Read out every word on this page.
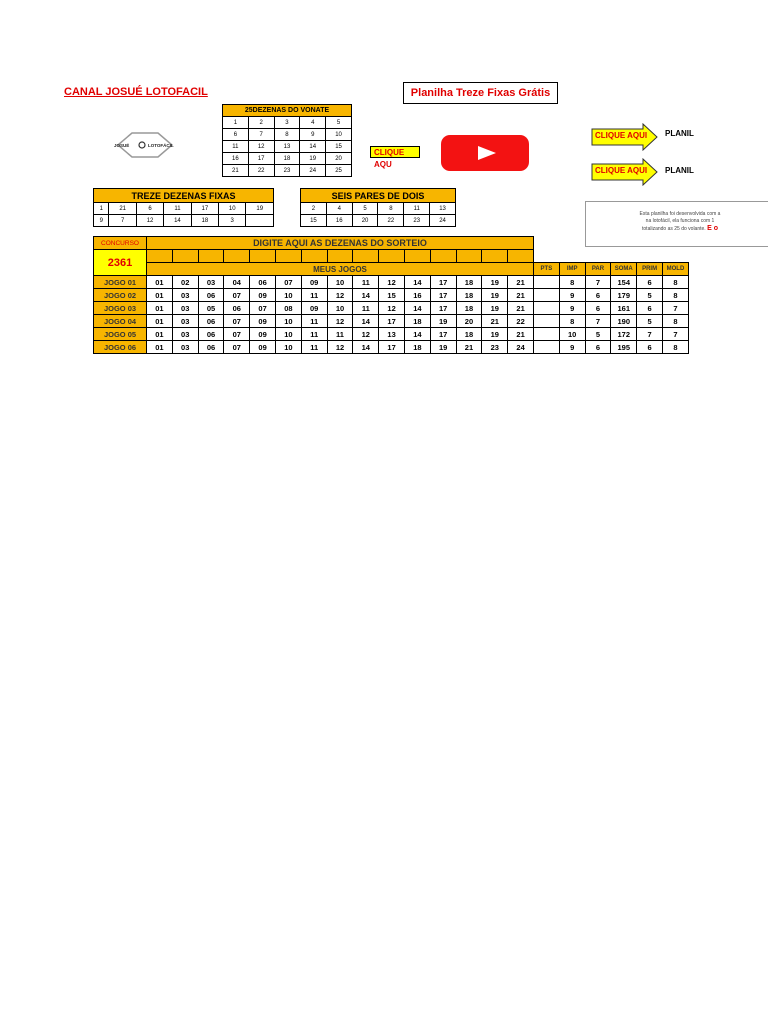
CANAL JOSUÉ LOTOFACIL	Planilha Treze Fixas Grátis
JOSUÉ	LOTOFÁCIL
25DEZENAS DO VONATE				
1	2	3	4	5
6	7	8	9	10
11	12	13	14	15
16	17	18	19	20
21	22	23	24	25
CLIQUE AQU
CLIQUE AQUI PLANIL
CLIQUE AQUI PLANIL
TREZE DEZENAS FIXAS						
1	21	6	11	17	10	19
9	7	12	14	18	3	
SEIS PARES DE DOIS					
2	4	5	8	11	13
15	16	20	22	23	24
Esta planilha foi desenvolvida com a
na lotofácil, ela funciona com 1
totalizando as 25 do volante. E o
CONCURSO	DIGITE AQUI AS DEZENAS DO SORTEIO																				
2361																					
	MEUS JOGOS															PTS	IMP	PAR	SOMA	PRIM	MOLD
JOGO 01	01	02	03	04	06	07	09	10	11	12	14	17	18	19	21		8	7	154	6	8
JOGO 02	01	03	06	07	09	10	11	12	14	15	16	17	18	19	21		9	6	179	5	8
JOGO 03	01	03	05	06	07	08	09	10	11	12	14	17	18	19	21		9	6	161	6	7
JOGO 04	01	03	06	07	09	10	11	12	14	17	18	19	20	21	22		8	7	190	5	8
JOGO 05	01	03	06	07	09	10	11	11	12	13	14	17	18	19	21		10	5	172	7	7
JOGO 06	01	03	06	07	09	10	11	12	14	17	18	19	21	23	24		9	6	195	6	8
